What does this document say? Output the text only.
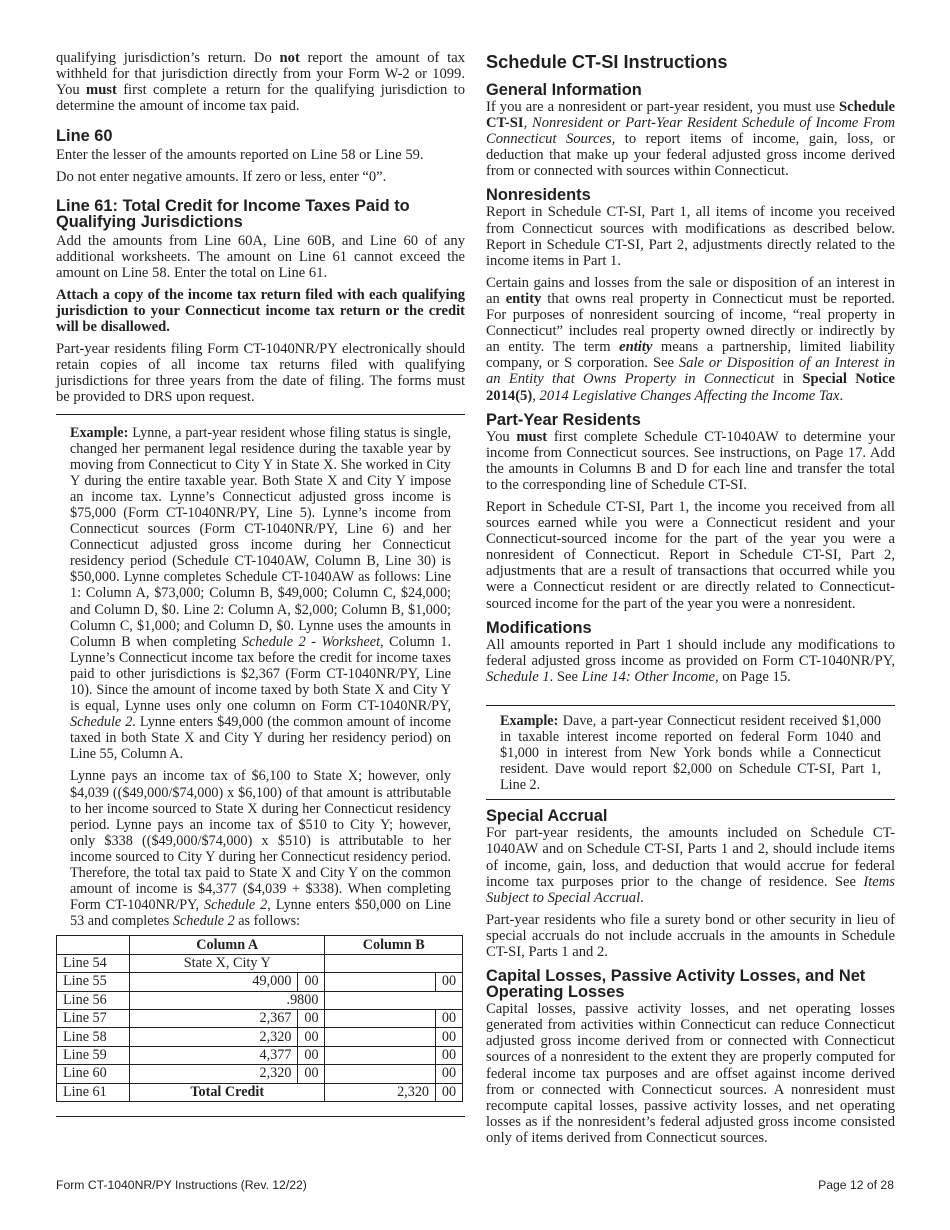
qualifying jurisdiction’s return. Do not report the amount of tax withheld for that jurisdiction directly from your Form W-2 or 1099. You must first complete a return for the qualifying jurisdiction to determine the amount of income tax paid.

Line 60

Enter the lesser of the amounts reported on Line 58 or Line 59.

Do not enter negative amounts. If zero or less, enter “0”.

Line 61: Total Credit for Income Taxes Paid to Qualifying Jurisdictions

Add the amounts from Line 60A, Line 60B, and Line 60 of any additional worksheets. The amount on Line 61 cannot exceed the amount on Line 58. Enter the total on Line 61.

Attach a copy of the income tax return filed with each qualifying jurisdiction to your Connecticut income tax return or the credit will be disallowed.

Part-year residents filing Form CT-1040NR/PY electronically should retain copies of all income tax returns filed with qualifying jurisdictions for three years from the date of filing. The forms must be provided to DRS upon request.

Example: Lynne, a part-year resident whose filing status is single, changed her permanent legal residence during the taxable year by moving from Connecticut to City Y in State X. She worked in City Y during the entire taxable year. Both State X and City Y impose an income tax. Lynne’s Connecticut adjusted gross income is $75,000 (Form CT-1040NR/PY, Line 5). Lynne’s income from Connecticut sources (Form CT-1040NR/PY, Line 6) and her Connecticut adjusted gross income during her Connecticut residency period (Schedule CT-1040AW, Column B, Line 30) is $50,000. Lynne completes Schedule CT-1040AW as follows: Line 1: Column A, $73,000; Column B, $49,000; Column C, $24,000; and Column D, $0. Line 2: Column A, $2,000; Column B, $1,000; Column C, $1,000; and Column D, $0. Lynne uses the amounts in Column B when completing Schedule 2 - Worksheet, Column 1. Lynne’s Connecticut income tax before the credit for income taxes paid to other jurisdictions is $2,367 (Form CT-1040NR/PY, Line 10). Since the amount of income taxed by both State X and City Y is equal, Lynne uses only one column on Form CT-1040NR/PY, Schedule 2. Lynne enters $49,000 (the common amount of income taxed in both State X and City Y during her residency period) on Line 55, Column A.

Lynne pays an income tax of $6,100 to State X; however, only $4,039 (($49,000/$74,000) x $6,100) of that amount is attributable to her income sourced to State X during her Connecticut residency period. Lynne pays an income tax of $510 to City Y; however, only $338 (($49,000/$74,000) x $510) is attributable to her income sourced to City Y during her Connecticut residency period. Therefore, the total tax paid to State X and City Y on the common amount of income is $4,377 ($4,039 + $338). When completing Form CT-1040NR/PY, Schedule 2, Lynne enters $50,000 on Line 53 and completes Schedule 2 as follows:

	Column A		Column B	
Line 54	State X, City Y			
Line 55	49,000	00		00
Line 56	.9800			
Line 57	2,367	00		00
Line 58	2,320	00		00
Line 59	4,377	00		00
Line 60	2,320	00		00
Line 61	Total Credit		2,320	00
Schedule CT-SI Instructions
General Information

If you are a nonresident or part-year resident, you must use Schedule CT-SI, Nonresident or Part-Year Resident Schedule of Income From Connecticut Sources, to report items of income, gain, loss, or deduction that make up your federal adjusted gross income derived from or connected with sources within Connecticut.

Nonresidents

Report in Schedule CT-SI, Part 1, all items of income you received from Connecticut sources with modifications as described below. Report in Schedule CT-SI, Part 2, adjustments directly related to the income items in Part 1.

Certain gains and losses from the sale or disposition of an interest in an entity that owns real property in Connecticut must be reported. For purposes of nonresident sourcing of income, “real property in Connecticut” includes real property owned directly or indirectly by an entity. The term entity means a partnership, limited liability company, or S corporation. See Sale or Disposition of an Interest in an Entity that Owns Property in Connecticut in Special Notice 2014(5), 2014 Legislative Changes Affecting the Income Tax.

Part-Year Residents

You must first complete Schedule CT-1040AW to determine your income from Connecticut sources. See instructions, on Page 17. Add the amounts in Columns B and D for each line and transfer the total to the corresponding line of Schedule CT-SI.

Report in Schedule CT-SI, Part 1, the income you received from all sources earned while you were a Connecticut resident and your Connecticut-sourced income for the part of the year you were a nonresident of Connecticut. Report in Schedule CT-SI, Part 2, adjustments that are a result of transactions that occurred while you were a Connecticut resident or are directly related to Connecticut-sourced income for the part of the year you were a nonresident.

Modifications

All amounts reported in Part 1 should include any modifications to federal adjusted gross income as provided on Form CT-1040NR/PY, Schedule 1. See Line 14: Other Income, on Page 15.

Example: Dave, a part-year Connecticut resident received $1,000 in taxable interest income reported on federal Form 1040 and $1,000 in interest from New York bonds while a Connecticut resident. Dave would report $2,000 on Schedule CT-SI, Part 1, Line 2.

Special Accrual

For part-year residents, the amounts included on Schedule CT-1040AW and on Schedule CT-SI, Parts 1 and 2, should include items of income, gain, loss, and deduction that would accrue for federal income tax purposes prior to the change of residence. See Items Subject to Special Accrual.

Part-year residents who file a surety bond or other security in lieu of special accruals do not include accruals in the amounts in Schedule CT-SI, Parts 1 and 2.

Capital Losses, Passive Activity Losses, and Net Operating Losses

Capital losses, passive activity losses, and net operating losses generated from activities within Connecticut can reduce Connecticut adjusted gross income derived from or connected with Connecticut sources of a nonresident to the extent they are properly computed for federal income tax purposes and are offset against income derived from or connected with Connecticut sources. A nonresident must recompute capital losses, passive activity losses, and net operating losses as if the nonresident’s federal adjusted gross income consisted only of items derived from Connecticut sources.

Form CT-1040NR/PY Instructions (Rev. 12/22)	Page 12 of 28
